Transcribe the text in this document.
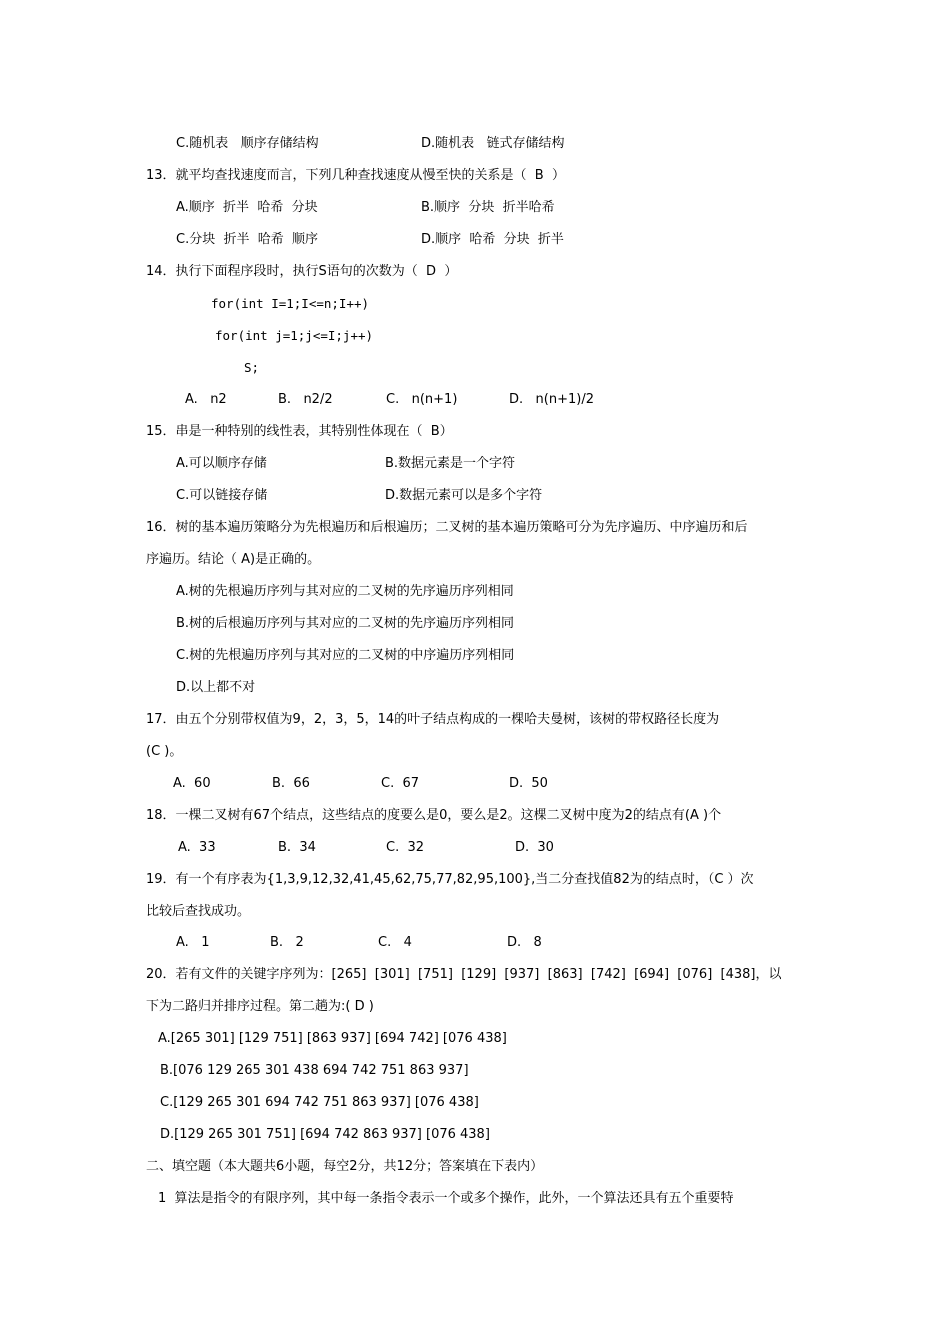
C.随机表   顺序存储结构	D.随机表   链式存储结构
13．就平均查找速度而言，下列几种查找速度从慢至快的关系是（  B  ）
A.顺序  折半  哈希  分块	B.顺序  分块  折半哈希
C.分块  折半  哈希  顺序	D.顺序  哈希  分块  折半
14．执行下面程序段时，执行S语句的次数为（  D  ）
for(int I=1;I<=n;I++)
for(int j=1;j<=I;j++)
S;
A.   n2	B.   n2/2	C.   n(n+1)	D.   n(n+1)/2
15．串是一种特别的线性表，其特别性体现在（  B）
A.可以顺序存储	B.数据元素是一个字符
C.可以链接存储	D.数据元素可以是多个字符
16．树的基本遍历策略分为先根遍历和后根遍历；二叉树的基本遍历策略可分为先序遍历、中序遍历和后
序遍历。结论（ A)是正确的。
A.树的先根遍历序列与其对应的二叉树的先序遍历序列相同
B.树的后根遍历序列与其对应的二叉树的先序遍历序列相同
C.树的先根遍历序列与其对应的二叉树的中序遍历序列相同
D.以上都不对
17．由五个分别带权值为9，2，3，5，14的叶子结点构成的一棵哈夫曼树，该树的带权路径长度为
(C )。
A.  60	B.  66	C.  67	D.  50
18．一棵二叉树有67个结点，这些结点的度要么是0，要么是2。这棵二叉树中度为2的结点有(A )个
A.  33	B.  34	C.  32	D.  30
19．有一个有序表为{1,3,9,12,32,41,45,62,75,77,82,95,100},当二分查找值82为的结点时，（C ）次
比较后查找成功。
A.   1	B.   2	C.   4	D.   8
20．若有文件的关键字序列为：[265]  [301]  [751]  [129]  [937]  [863]  [742]  [694]  [076]  [438]，以
下为二路归并排序过程。第二趟为:( D )
A.[265 301] [129 751] [863 937] [694 742] [076 438]
B.[076 129 265 301 438 694 742 751 863 937]
C.[129 265 301 694 742 751 863 937] [076 438]
D.[129 265 301 751] [694 742 863 937] [076 438]
二、填空题（本大题共6小题，每空2分，共12分；答案填在下表内）
1  算法是指令的有限序列，其中每一条指令表示一个或多个操作，此外，一个算法还具有五个重要特
